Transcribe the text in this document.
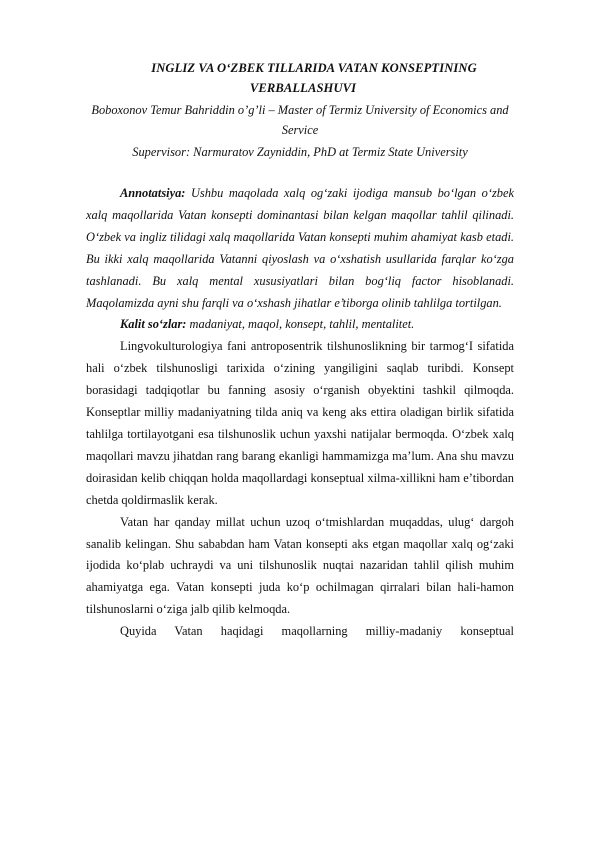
INGLIZ VA O‘ZBEK TILLARIDA VATAN KONSEPTINING
VERBALLASHUVI

Boboxonov Temur Bahriddin o’g’li – Master of Termiz University of Economics and Service

Supervisor: Narmuratov Zayniddin, PhD at Termiz State University

Annotatsiya: Ushbu maqolada xalq og‘zaki ijodiga mansub bo‘lgan o‘zbek xalq maqollarida Vatan konsepti dominantasi bilan kelgan maqollar tahlil qilinadi. O‘zbek va ingliz tilidagi xalq maqollarida Vatan konsepti muhim ahamiyat kasb etadi. Bu ikki xalq maqollarida Vatanni qiyoslash va o‘xshatish usullarida farqlar ko‘zga tashlanadi. Bu xalq mental xususiyatlari bilan bog‘liq factor hisoblanadi. Maqolamizda ayni shu farqli va o‘xshash jihatlar e’tiborga olinib tahlilga tortilgan.

Kalit so‘zlar: madaniyat, maqol, konsept, tahlil, mentalitet.

Lingvokulturologiya fani antroposentrik tilshunoslikning bir tarmog‘I sifatida hali o‘zbek tilshunosligi tarixida o‘zining yangiligini saqlab turibdi. Konsept borasidagi tadqiqotlar bu fanning asosiy o‘rganish obyektini tashkil qilmoqda. Konseptlar milliy madaniyatning tilda aniq va keng aks ettira oladigan birlik sifatida tahlilga tortilayotgani esa tilshunoslik uchun yaxshi natijalar bermoqda. O‘zbek xalq maqollari mavzu jihatdan rang barang ekanligi hammamizga ma’lum. Ana shu mavzu doirasidan kelib chiqqan holda maqollardagi konseptual xilma-xillikni ham e’tibordan chetda qoldirmaslik kerak.

Vatan har qanday millat uchun uzoq o‘tmishlardan muqaddas, ulug‘ dargoh sanalib kelingan. Shu sababdan ham Vatan konsepti aks etgan maqollar xalq og‘zaki ijodida ko‘plab uchraydi va uni tilshunoslik nuqtai nazaridan tahlil qilish muhim ahamiyatga ega. Vatan konsepti juda ko‘p ochilmagan qirralari bilan hali-hamon tilshunoslarni o‘ziga jalb qilib kelmoqda.

Quyida Vatan haqidagi maqollarning milliy-madaniy konseptual
